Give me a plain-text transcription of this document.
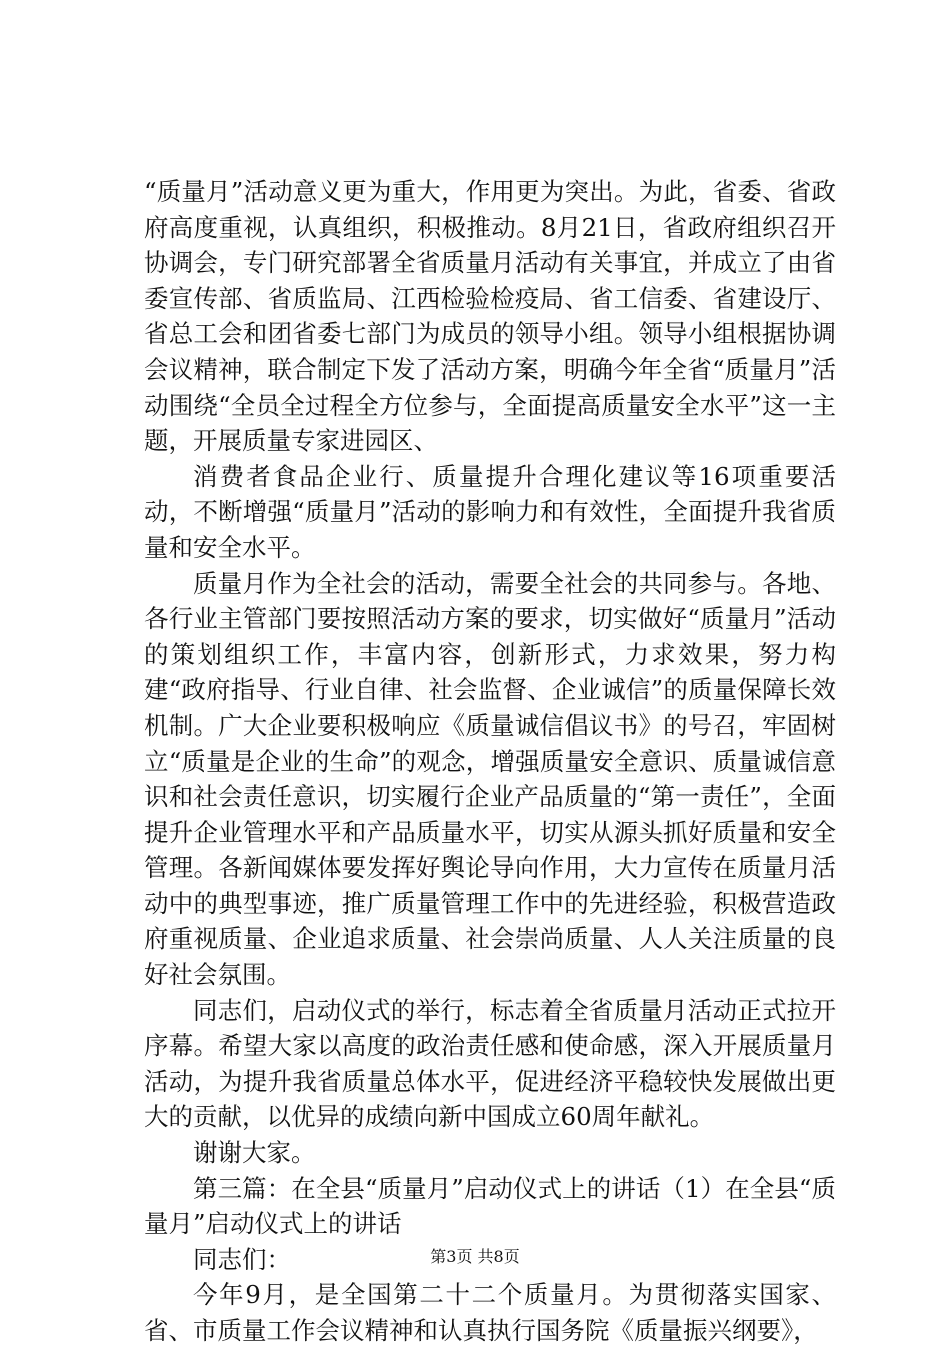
“质量月”活动意义更为重大，作用更为突出。为此，省委、省政府高度重视，认真组织，积极推动。8月21日，省政府组织召开协调会，专门研究部署全省质量月活动有关事宜，并成立了由省委宣传部、省质监局、江西检验检疫局、省工信委、省建设厅、省总工会和团省委七部门为成员的领导小组。领导小组根据协调会议精神，联合制定下发了活动方案，明确今年全省“质量月”活动围绕“全员全过程全方位参与，全面提高质量安全水平”这一主题，开展质量专家进园区、

消费者食品企业行、质量提升合理化建议等16项重要活动，不断增强“质量月”活动的影响力和有效性，全面提升我省质量和安全水平。

质量月作为全社会的活动，需要全社会的共同参与。各地、各行业主管部门要按照活动方案的要求，切实做好“质量月”活动的策划组织工作，丰富内容，创新形式，力求效果，努力构建“政府指导、行业自律、社会监督、企业诚信”的质量保障长效机制。广大企业要积极响应《质量诚信倡议书》的号召，牢固树立“质量是企业的生命”的观念，增强质量安全意识、质量诚信意识和社会责任意识，切实履行企业产品质量的“第一责任”，全面提升企业管理水平和产品质量水平，切实从源头抓好质量和安全管理。各新闻媒体要发挥好舆论导向作用，大力宣传在质量月活动中的典型事迹，推广质量管理工作中的先进经验，积极营造政府重视质量、企业追求质量、社会崇尚质量、人人关注质量的良好社会氛围。

同志们，启动仪式的举行，标志着全省质量月活动正式拉开序幕。希望大家以高度的政治责任感和使命感，深入开展质量月活动，为提升我省质量总体水平，促进经济平稳较快发展做出更大的贡献，以优异的成绩向新中国成立60周年献礼。

谢谢大家。

第三篇：在全县“质量月”启动仪式上的讲话（1）在全县“质量月”启动仪式上的讲话

同志们：

今年9月，是全国第二十二个质量月。为贯彻落实国家、省、市质量工作会议精神和认真执行国务院《质量振兴纲要》，

第3页 共8页
